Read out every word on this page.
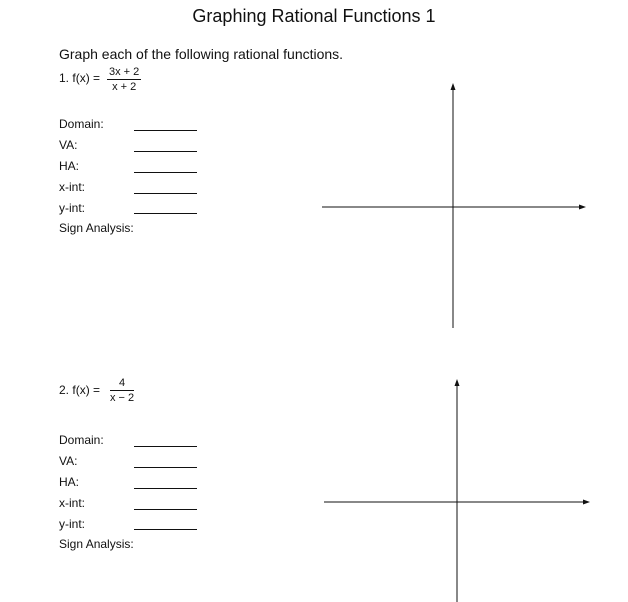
Graphing Rational Functions 1
Graph each of the following rational functions.
1. $f(x) = \frac{3x + 2}{x + 2}$
Domain:
VA:
HA:
x-int:
y-int:
Sign Analysis:
2. $f(x) = \frac{4}{x - 2}$
Domain:
VA:
HA:
x-int:
y-int:
Sign Analysis:
